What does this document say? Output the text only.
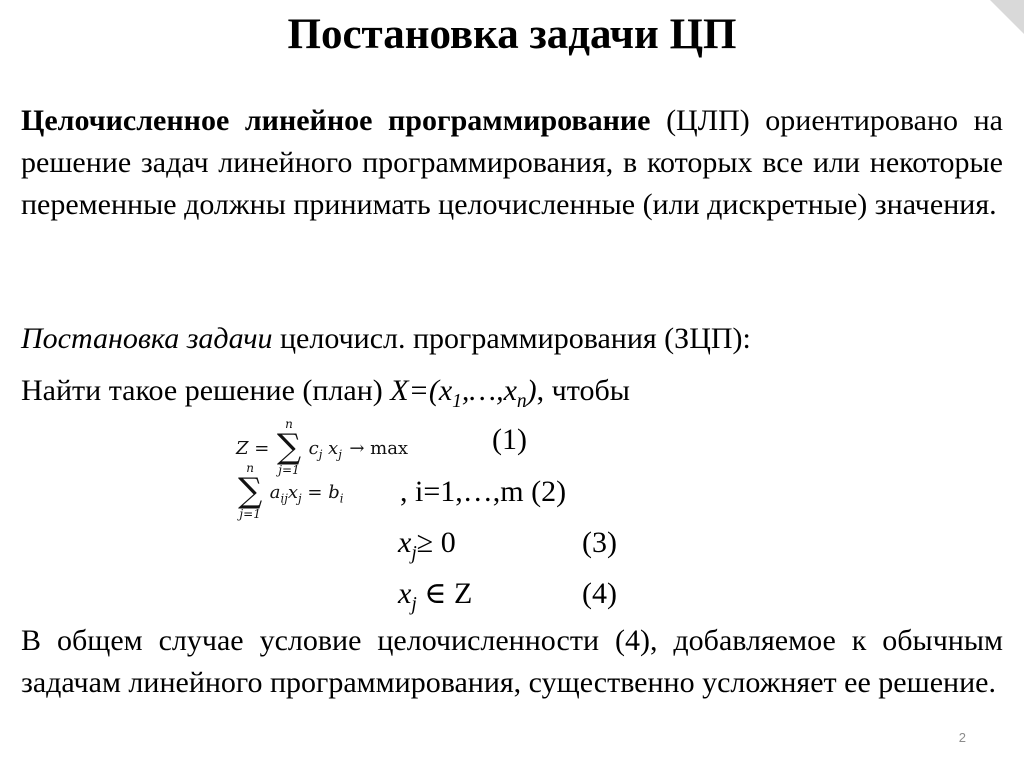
Постановка задачи ЦП
Целочисленное линейное программирование (ЦЛП) ориентировано на решение задач линейного программирования, в которых все или некоторые переменные должны принимать целочисленные (или дискретные) значения.
Постановка задачи целочисл. программирования (ЗЦП):
Найти такое решение (план) $X=(x_1,\dots,x_n)$, чтобы
Z =
n
∑
j=1
$c_j$ $x_j \to \max$	(1)
n
∑
j=1
$a_{ij}x_j = b_i$ , i=1,…,m (2)
$x_j\ge 0$	(3)
$x_j$ ∈ Z	(4)
В общем случае условие целочисленности (4), добавляемое к обычным задачам линейного программирования, существенно усложняет ее решение.
2
